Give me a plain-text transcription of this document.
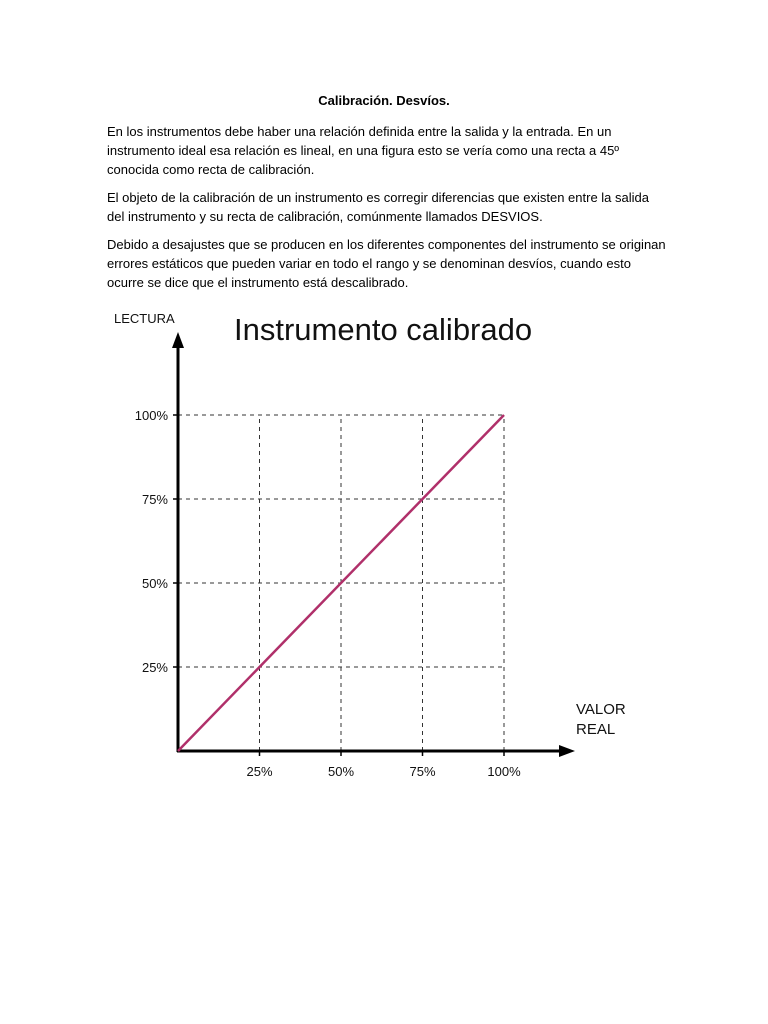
Calibración. Desvíos.

En los instrumentos debe haber una relación definida entre la salida y la entrada. En un instrumento ideal esa relación es lineal, en una figura esto se vería como una recta a 45º conocida como recta de calibración.

El objeto de la calibración de un instrumento es corregir diferencias que existen entre la salida del instrumento y su recta de calibración, comúnmente llamados DESVIOS.

Debido a desajustes que se producen en los diferentes componentes del instrumento se originan errores estáticos que pueden variar en todo el rango y se denominan desvíos, cuando esto ocurre se dice que el instrumento está descalibrado.

Instrumento calibrado
LECTURA
VALOR
REAL
25%
25%
50%
50%
75%
75%
100%
100%
